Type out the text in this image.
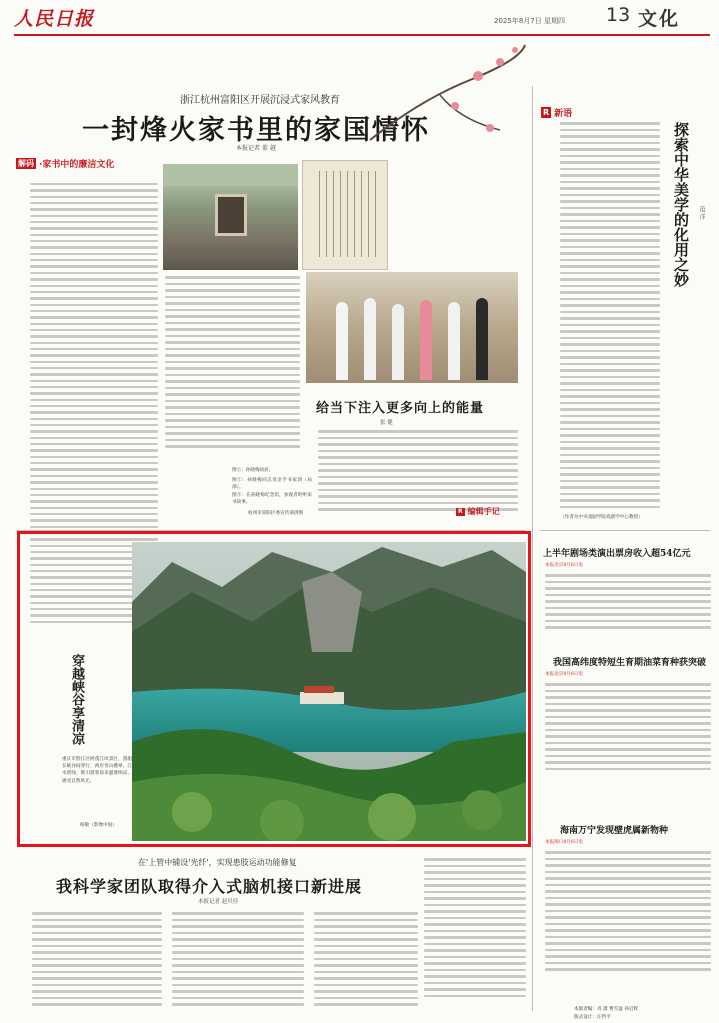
人民日报	2025年8月7日 星期四 13 文化
浙江杭州富阳区开展沉浸式家风教育
一封烽火家书里的家国情怀
本报记者 董 越
解码 ·家书中的廉洁文化
图①：孙晓梅故居。
图②：孙晓梅同志母亲手书家训（局部）。
图③：在孙晓梅纪念馆，参观者聆听家书故事。
杭州市富阳区委宣传部供图
给当下注入更多向上的能量
张 健
R 编辑手记
R 新语
探索中华美学的化用之妙 范 洋
（作者为中央戏剧学院戏剧学中心教授）
上半年剧场类演出票房收入超54亿元
本报北京8月6日电
我国高纬度特短生育期油菜育种获突破
本报北京8月6日电
海南万宁发现壁虎属新物种
本报海口8月6日电
穿越峡谷享清凉
重庆市黔江区阿蓬江风景区，游船在峡谷间穿行，两岸青山叠翠，江水碧绿，吸引游客前来避暑纳凉、感受自然风光。
杨敏（影像中国）
在'上管中铺设'光纤'，实现患肢运动功能修复
我科学家团队取得介入式脑机接口新进展
本报记者 赵贝佳
本版责编：肖 潇 曹雪盈 孙启辉
版式设计：汪哲平
